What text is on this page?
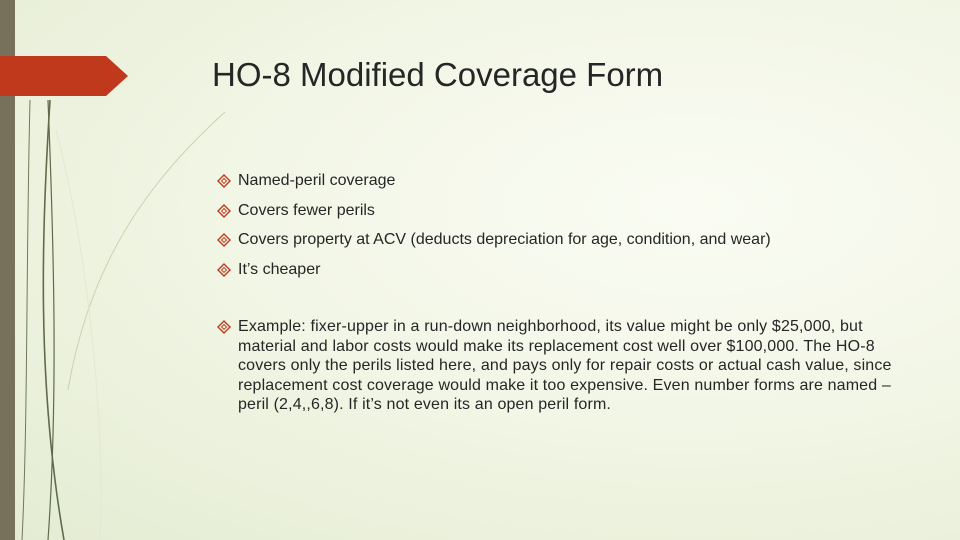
HO-8 Modified Coverage Form
Named-peril coverage
Covers fewer perils
Covers property at ACV (deducts depreciation for age, condition, and wear)
It’s cheaper
Example: fixer-upper in a run-down neighborhood, its value might be only $25,000, but material and labor costs would make its replacement cost well over $100,000. The HO-8 covers only the perils listed here, and pays only for repair costs or actual cash value, since replacement cost coverage would make it too expensive. Even number forms are named –peril (2,4,,6,8). If it’s not even its an open peril form.
